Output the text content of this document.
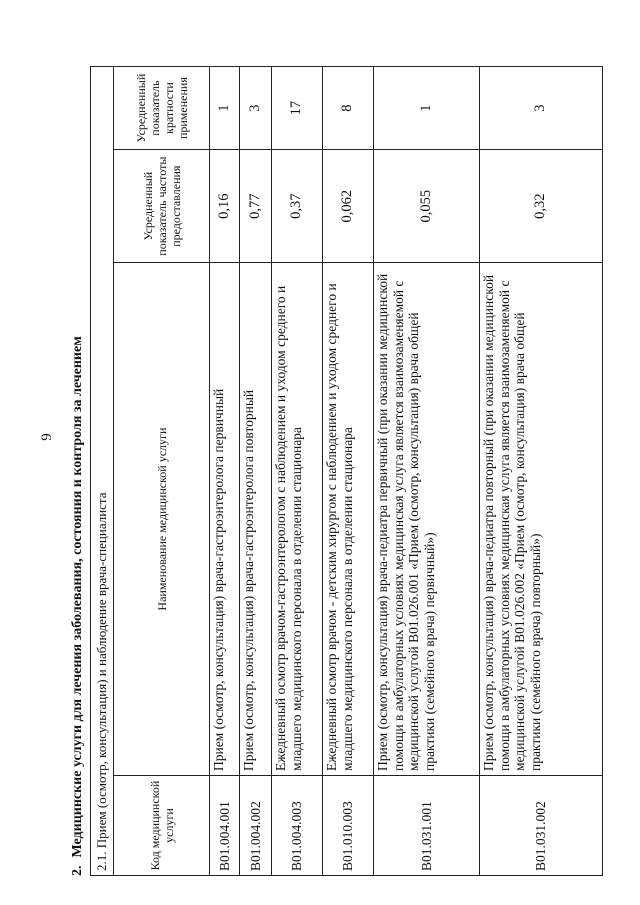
9
2.Медицинские услуги для лечения заболевания, состояния и контроля за лечением 2.1. Прием (осмотр, консультация) и наблюдение врача-специалиста			
Код медицинской услуги	Наименование медицинской услуги	Усредненный показатель частоты предоставления	Усредненный показатель кратности применения
B01.004.001	Прием (осмотр, консультация) врача-гастроэнтеролога первичный	0,16	1
B01.004.002	Прием (осмотр, консультация) врача-гастроэнтеролога повторный	0,77	3
B01.004.003	Ежедневный осмотр врачом-гастроэнтерологом с наблюдением и уходом среднего и младшего медицинского персонала в отделении стационара	0,37	17
B01.010.003	Ежедневный осмотр врачом - детским хирургом с наблюдением и уходом среднего и младшего медицинского персонала в отделении стационара	0,062	8
B01.031.001	Прием (осмотр, консультация) врача-педиатра первичный (при оказании медицинской помощи в амбулаторных условиях медицинская услуга является взаимозаменяемой с медицинской услугой B01.026.001 «Прием (осмотр, консультация) врача общей практики (семейного врача) первичный»)	0,055	1
B01.031.002	Прием (осмотр, консультация) врача-педиатра повторный (при оказании медицинской помощи в амбулаторных условиях медицинская услуга является взаимозаменяемой с медицинской услугой B01.026.002 «Прием (осмотр, консультация) врача общей практики (семейного врача) повторный»)	0,32	3
